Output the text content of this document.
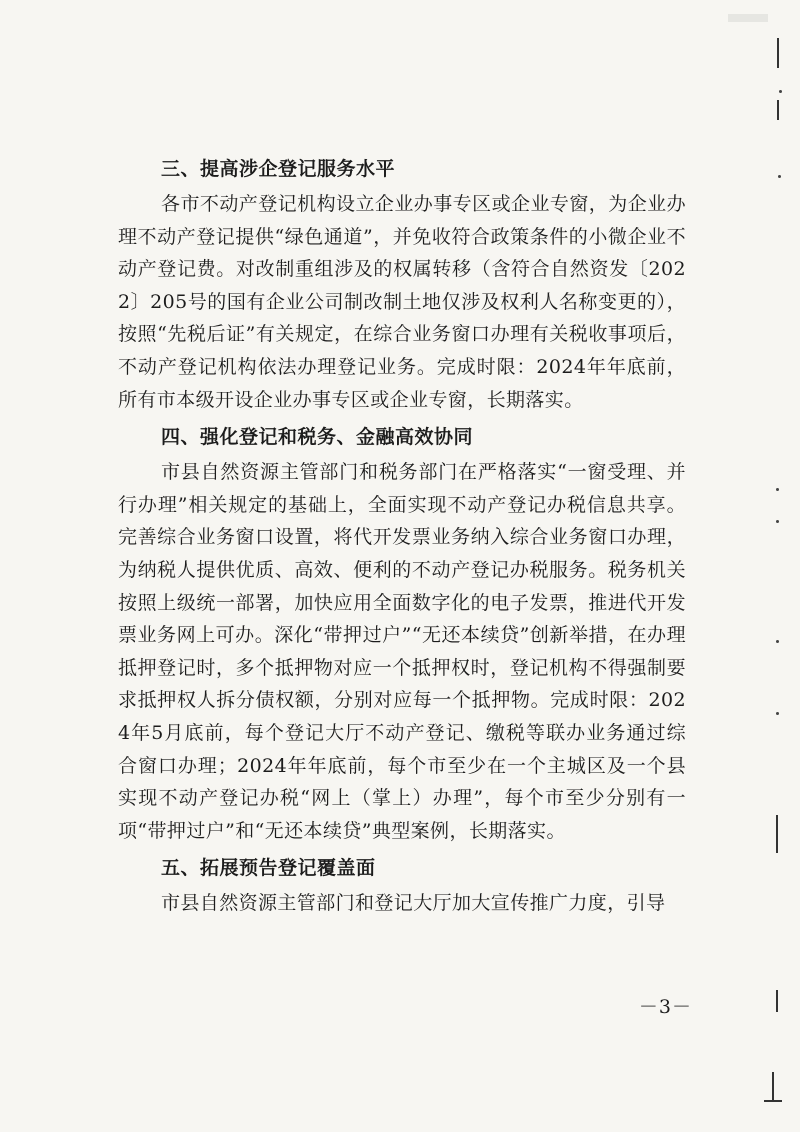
三、提高涉企登记服务水平

各市不动产登记机构设立企业办事专区或企业专窗，为企业办理不动产登记提供“绿色通道”，并免收符合政策条件的小微企业不动产登记费。对改制重组涉及的权属转移（含符合自然资发〔2022〕205号的国有企业公司制改制土地仅涉及权利人名称变更的），按照“先税后证”有关规定，在综合业务窗口办理有关税收事项后，不动产登记机构依法办理登记业务。完成时限：2024年年底前，所有市本级开设企业办事专区或企业专窗，长期落实。

四、强化登记和税务、金融高效协同

市县自然资源主管部门和税务部门在严格落实“一窗受理、并行办理”相关规定的基础上，全面实现不动产登记办税信息共享。完善综合业务窗口设置，将代开发票业务纳入综合业务窗口办理，为纳税人提供优质、高效、便利的不动产登记办税服务。税务机关按照上级统一部署，加快应用全面数字化的电子发票，推进代开发票业务网上可办。深化“带押过户”“无还本续贷”创新举措，在办理抵押登记时，多个抵押物对应一个抵押权时，登记机构不得强制要求抵押权人拆分债权额，分别对应每一个抵押物。完成时限：2024年5月底前，每个登记大厅不动产登记、缴税等联办业务通过综合窗口办理；2024年年底前，每个市至少在一个主城区及一个县实现不动产登记办税“网上（掌上）办理”，每个市至少分别有一项“带押过户”和“无还本续贷”典型案例，长期落实。

五、拓展预告登记覆盖面

市县自然资源主管部门和登记大厅加大宣传推广力度，引导

－3－
